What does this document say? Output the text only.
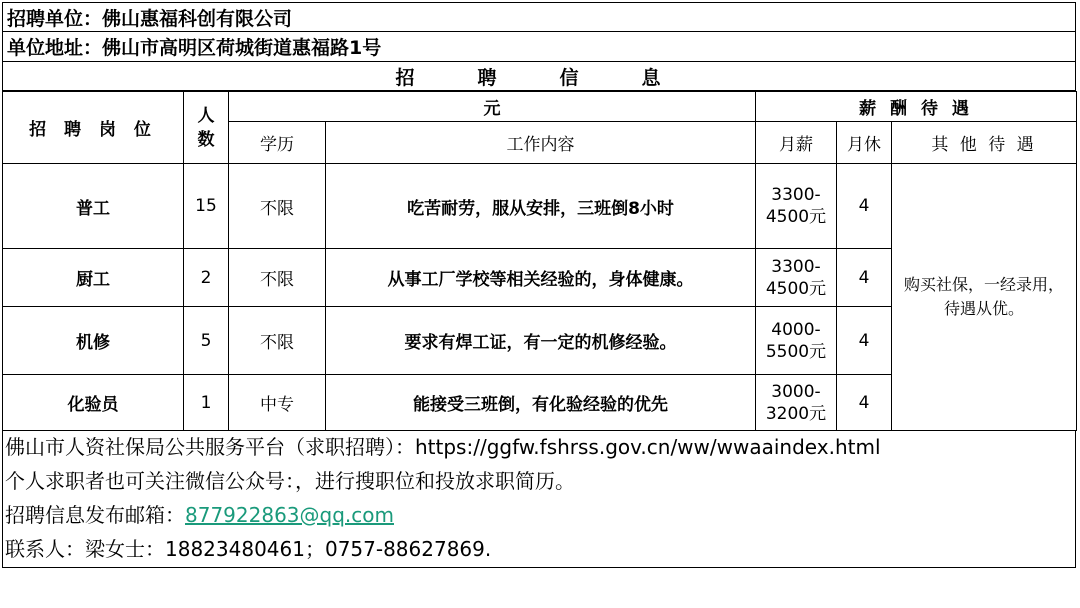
招聘单位：佛山惠福科创有限公司
单位地址：佛山市高明区荷城街道惠福路1号
招　聘　信　息
招 聘 岗 位	人数	元		薪 酬 待 遇		
		学历	工作内容	月薪	月休	其 他 待 遇
普工	15	不限	吃苦耐劳，服从安排，三班倒8小时	3300-
4500元	4	购买社保，一经录用，待遇从优。
厨工	2	不限	从事工厂学校等相关经验的，身体健康。	3300-
4500元	4	
机修	5	不限	要求有焊工证，有一定的机修经验。	4000-
5500元	4	
化验员	1	中专	能接受三班倒，有化验经验的优先	3000-
3200元	4	
佛山市人资社保局公共服务平台（求职招聘）：https://ggfw.fshrss.gov.cn/ww/wwaaindex.html
个人求职者也可关注微信公众号：，进行搜职位和投放求职简历。
招聘信息发布邮箱：877922863@qq.com
联系人：梁女士：18823480461；0757-88627869.
